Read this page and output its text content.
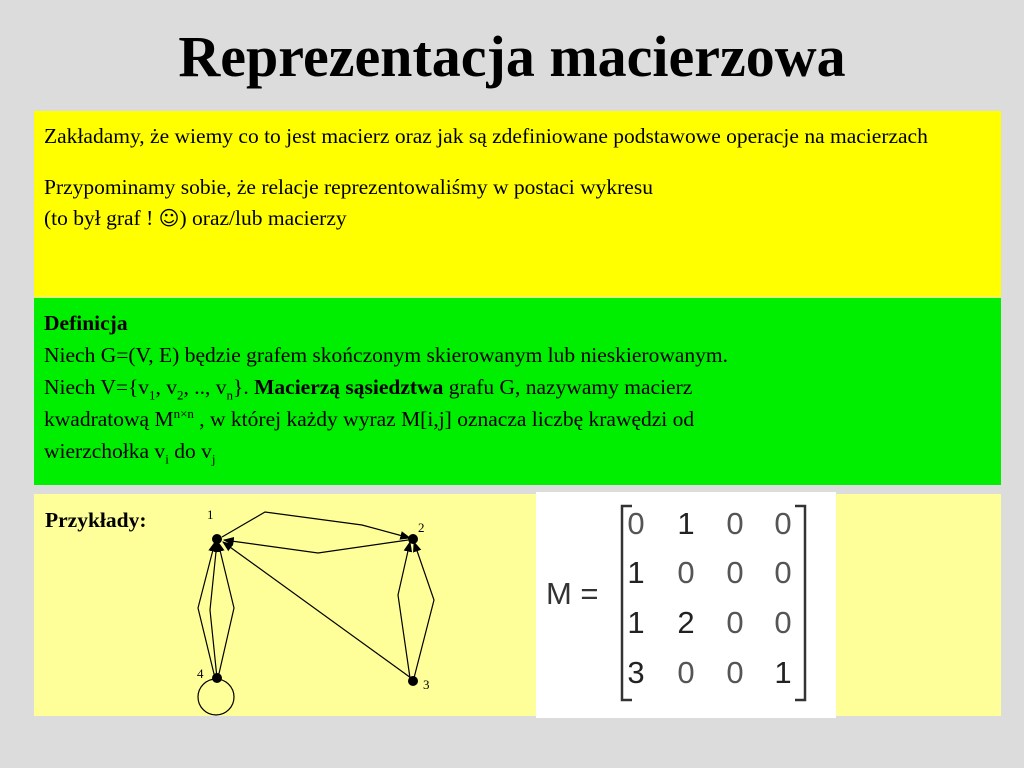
Reprezentacja macierzowa

Zakładamy, że wiemy co to jest macierz oraz jak są zdefiniowane podstawowe operacje na macierzach

Przypominamy sobie, że relacje reprezentowaliśmy w postaci wykresu
(to był graf ! ☺) oraz/lub macierzy

Definicja
Niech G=(V, E) będzie grafem skończonym skierowanym lub nieskierowanym.
Niech $V=\{v_1$, $v_2$, .., $v_n$}. Macierzą sąsiedztwa grafu G, nazywamy macierz
kwadratową $M^{n\times n}$ , w której każdy wyraz M[i,j] oznacza liczbę krawędzi od
wierzchołka $v_i$ do $v_j$
Przykłady:	1
2
3
4
M =
0 1 0 0
1 0 0 0
1 2 0 0
3 0 0 1
